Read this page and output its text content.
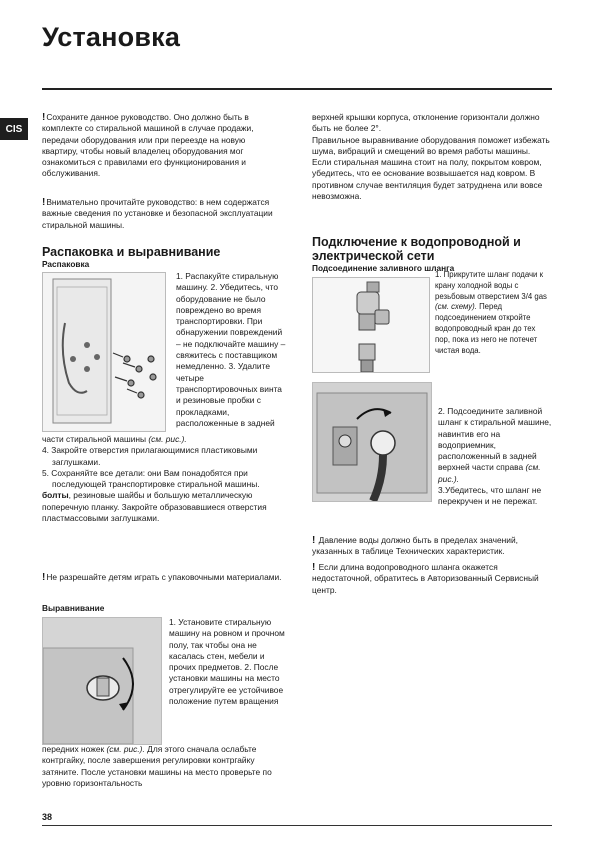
Установка
CIS
!Сохраните данное руководство. Оно должно быть в комплекте со стиральной машиной в случае продажи, передачи оборудования или при переезде на новую квартиру, чтобы новый владелец оборудования мог ознакомиться с правилами его функционирования и обслуживания.
!Внимательно прочитайте руководство: в нем содержатся важные сведения по установке и безопасной эксплуатации стиральной машины.
Распаковка и выравнивание
Распаковка
1. Распакуйте стиральную машину. 2. Убедитесь, что оборудование не было повреждено во время транспортировки. При обнаружении повреждений – не подключайте машину – свяжитесь с поставщиком немедленно. 3. Удалите четыре транспортировочных винта и резиновые пробки с прокладками, расположенные в задней
части стиральной машины (см. рис.).
4. Закройте отверстия прилагающимися пластиковыми заглушками.
5. Сохраняйте все детали: они Вам понадобятся при последующей транспортировке стиральной машины.
болты, резиновые шайбы и большую металлическую поперечную планку. Закройте образовавшиеся отверстия пластмассовыми заглушками.
!Не разрешайте детям играть с упаковочными материалами.
Выравнивание
1. Установите стиральную машину на ровном и прочном полу, так чтобы она не касалась стен, мебели и прочих предметов. 2. После установки машины на место отрегулируйте ее устойчивое положение путем вращения
передних ножек (см. рис.). Для этого сначала ослабьте контргайку, после завершения регулировки контргайку затяните. После установки машины на место проверьте по уровню горизонтальность
верхней крышки корпуса, отклонение горизонтали должно быть не более 2°.
Правильное выравнивание оборудования поможет избежать шума, вибраций и смещений во время работы машины.
Если стиральная машина стоит на полу, покрытом ковром, убедитесь, что ее основание возвышается над ковром. В противном случае вентиляция будет затруднена или вовсе невозможна.
Подключение к водопроводной и электрической сети
Подсоединение заливного шланга
1. Прикрутите шланг подачи к крану холодной воды с резьбовым отверстием 3/4 gas (см. схему). Перед подсоединением откройте водопроводный кран до тех пор, пока из него не потечет чистая вода.
2. Подсоедините заливной шланг к стиральной машине, навинтив его на водоприемник, расположенный в задней верхней части справа (см. рис.).
3.Убедитесь, что шланг не перекручен и не пережат.
! Давление воды должно быть в пределах значений, указанных в таблице Технических характеристик.
! Если длина водопроводного шланга окажется недостаточной, обратитесь в Авторизованный Сервисный центр.
38
